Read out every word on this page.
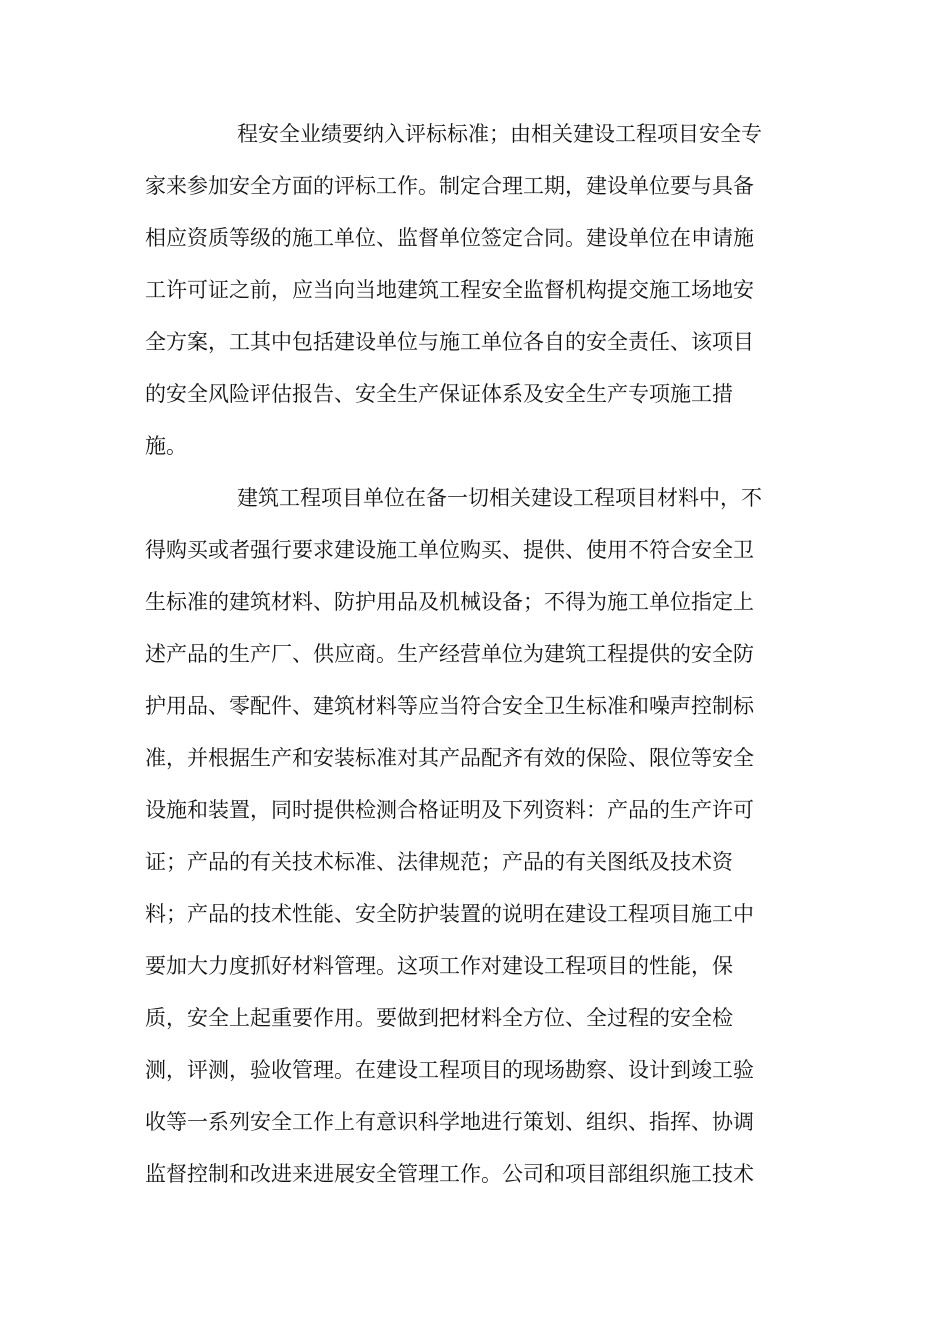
程安全业绩要纳入评标标准；由相关建设工程项目安全专
家来参加安全方面的评标工作。制定合理工期，建设单位要与具备
相应资质等级的施工单位、监督单位签定合同。建设单位在申请施
工许可证之前，应当向当地建筑工程安全监督机构提交施工场地安
全方案，工其中包括建设单位与施工单位各自的安全责任、该项目
的安全风险评估报告、安全生产保证体系及安全生产专项施工措
施。
建筑工程项目单位在备一切相关建设工程项目材料中，不
得购买或者强行要求建设施工单位购买、提供、使用不符合安全卫
生标准的建筑材料、防护用品及机械设备；不得为施工单位指定上
述产品的生产厂、供应商。生产经营单位为建筑工程提供的安全防
护用品、零配件、建筑材料等应当符合安全卫生标准和噪声控制标
准，并根据生产和安装标准对其产品配齐有效的保险、限位等安全
设施和装置，同时提供检测合格证明及下列资料：产品的生产许可
证；产品的有关技术标准、法律规范；产品的有关图纸及技术资
料；产品的技术性能、安全防护装置的说明在建设工程项目施工中
要加大力度抓好材料管理。这项工作对建设工程项目的性能，保
质，安全上起重要作用。要做到把材料全方位、全过程的安全检
测，评测，验收管理。在建设工程项目的现场勘察、设计到竣工验
收等一系列安全工作上有意识科学地进行策划、组织、指挥、协调
监督控制和改进来进展安全管理工作。公司和项目部组织施工技术
